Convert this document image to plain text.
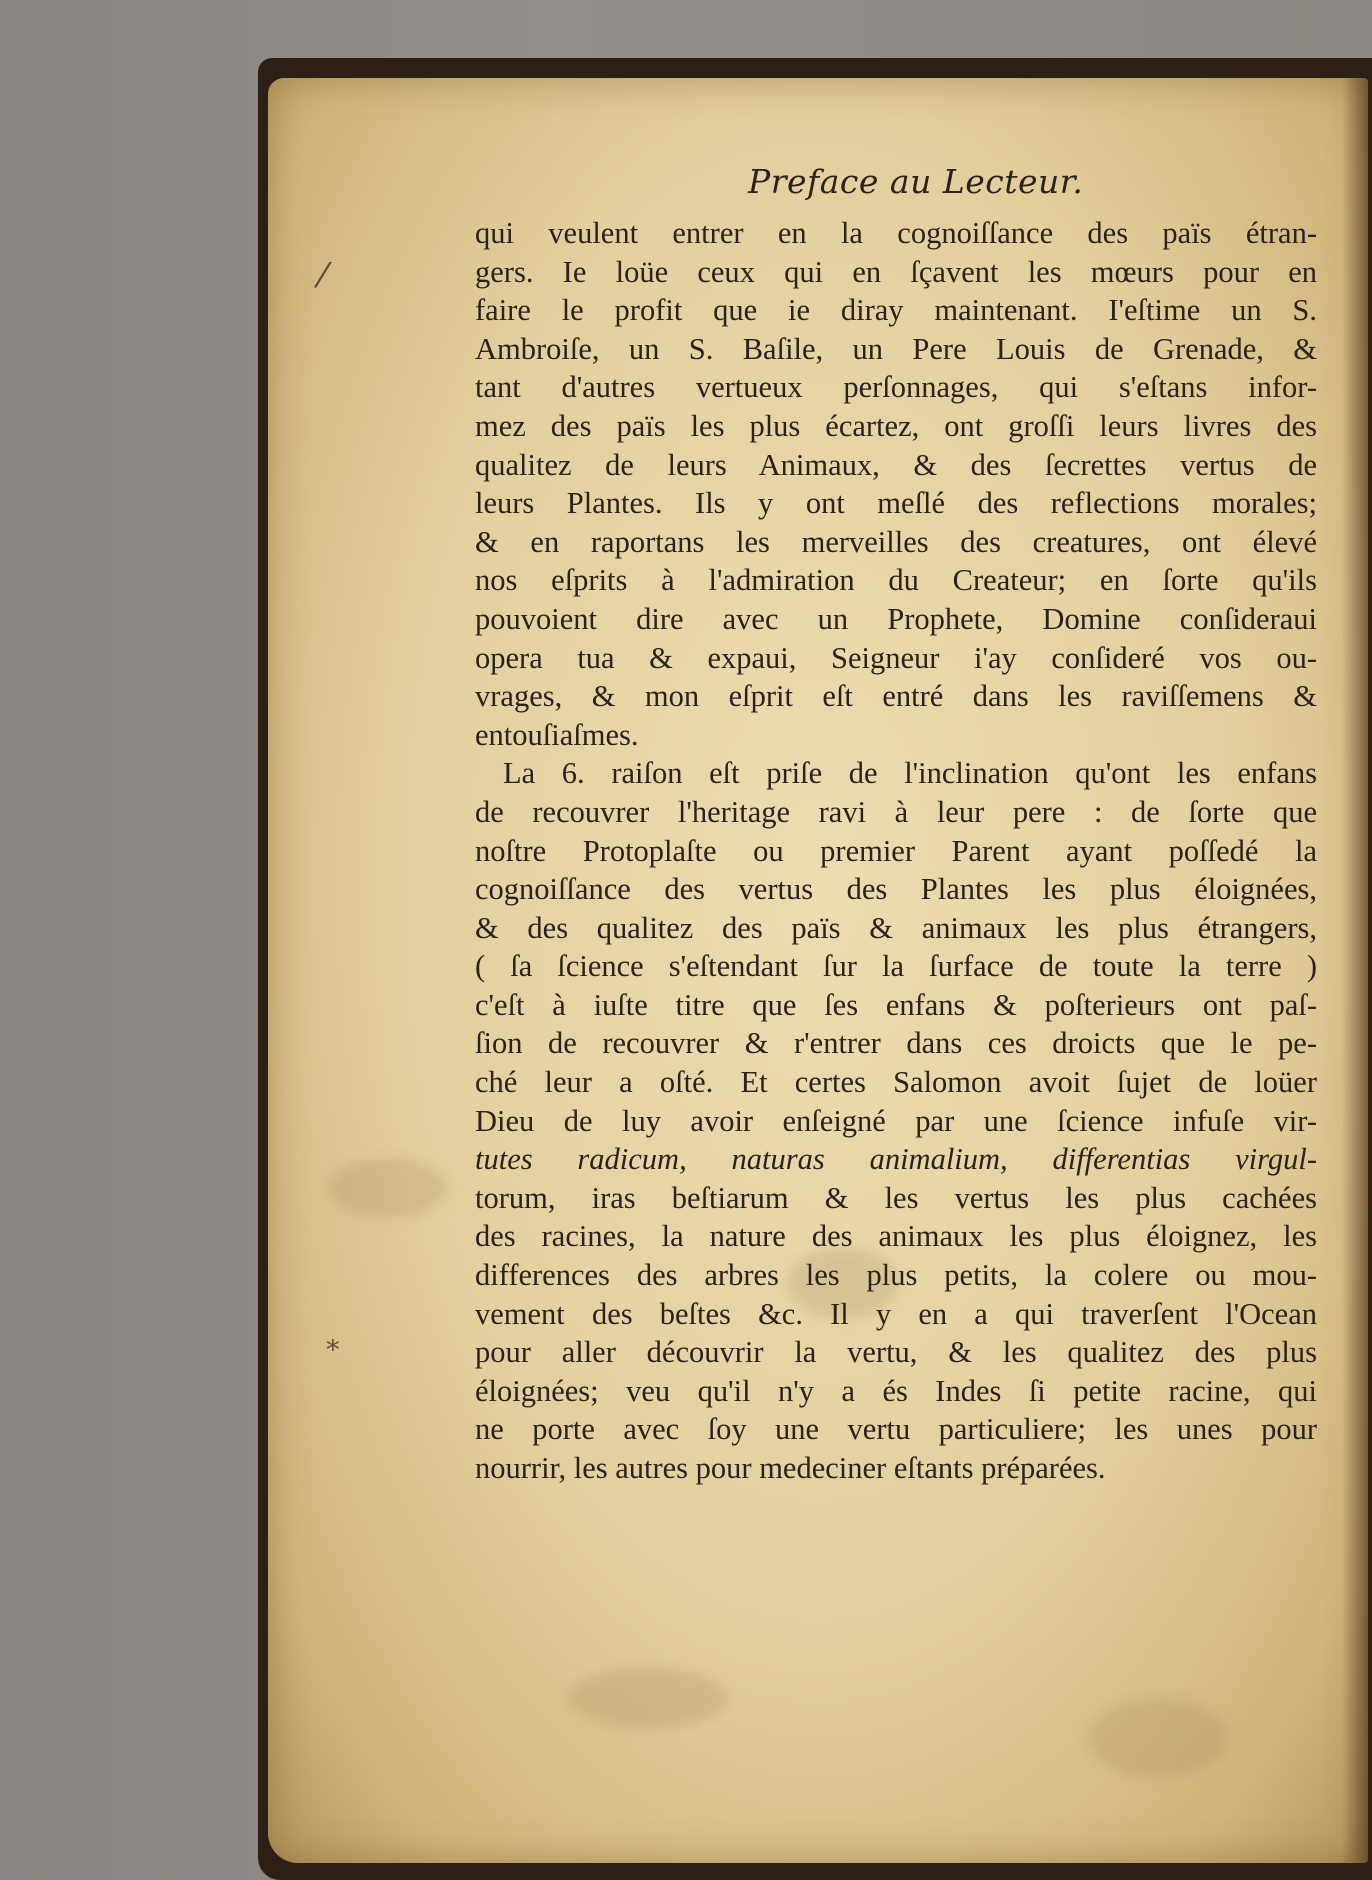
⁄
∗
Preface au Lecteur.
qui veulent entrer en la cognoiſſance des païs étran-
gers. Ie loüe ceux qui en ſçavent les mœurs pour en
faire le profit que ie diray maintenant. I'eſtime un S.
Ambroiſe, un S. Baſile, un Pere Louis de Grenade, &
tant d'autres vertueux perſonnages, qui s'eſtans infor-
mez des païs les plus écartez, ont groſſi leurs livres des
qualitez de leurs Animaux, & des ſecrettes vertus de
leurs Plantes. Ils y ont meſlé des reflections morales;
& en raportans les merveilles des creatures, ont élevé
nos eſprits à l'admiration du Createur; en ſorte qu'ils
pouvoient dire avec un Prophete, Domine conſideraui
opera tua & expaui, Seigneur i'ay conſideré vos ou-
vrages, & mon eſprit eſt entré dans les raviſſemens &
entouſiaſmes.
La 6. raiſon eſt priſe de l'inclination qu'ont les enfans
de recouvrer l'heritage ravi à leur pere : de ſorte que
noſtre Protoplaſte ou premier Parent ayant poſſedé la
cognoiſſance des vertus des Plantes les plus éloignées,
& des qualitez des païs & animaux les plus étrangers,
( ſa ſcience s'eſtendant ſur la ſurface de toute la terre )
c'eſt à iuſte titre que ſes enfans & poſterieurs ont paſ-
ſion de recouvrer & r'entrer dans ces droicts que le pe-
ché leur a oſté. Et certes Salomon avoit ſujet de loüer
Dieu de luy avoir enſeigné par une ſcience infuſe vir-
tutes radicum, naturas animalium, differentias virgul-
torum, iras beſtiarum & les vertus les plus cachées
des racines, la nature des animaux les plus éloignez, les
differences des arbres les plus petits, la colere ou mou-
vement des beſtes &c. Il y en a qui traverſent l'Ocean
pour aller découvrir la vertu, & les qualitez des plus
éloignées; veu qu'il n'y a és Indes ſi petite racine, qui
ne porte avec ſoy une vertu particuliere; les unes pour
nourrir, les autres pour medeciner eſtants préparées.
